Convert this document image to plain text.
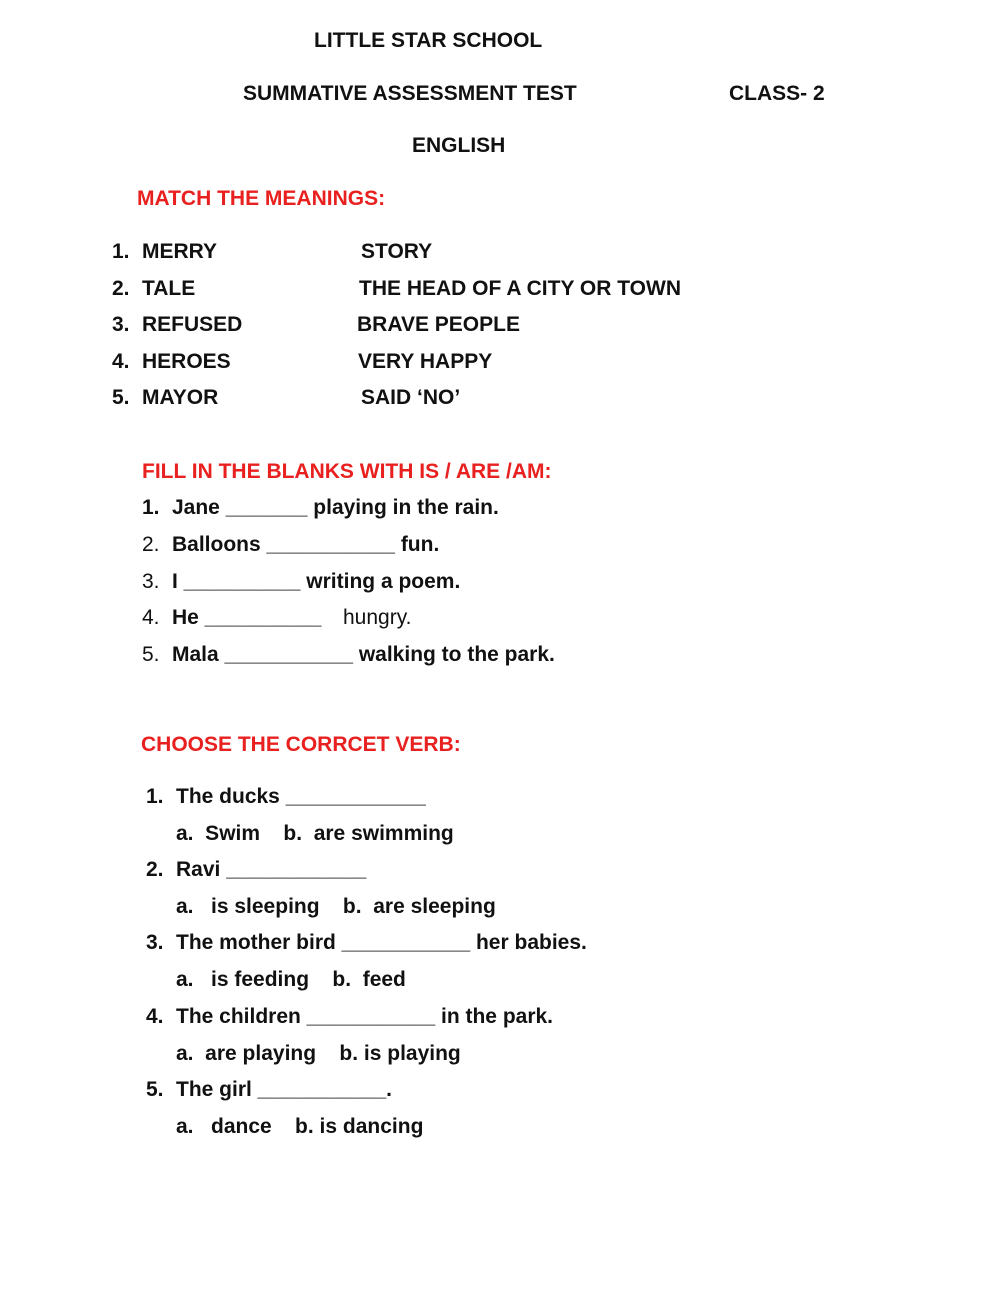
LITTLE STAR SCHOOL
SUMMATIVE ASSESSMENT TEST	CLASS- 2
ENGLISH
MATCH THE MEANINGS:
1. MERRY	STORY
2. TALE	THE HEAD OF A CITY OR TOWN
3. REFUSED	BRAVE PEOPLE
4. HEROES	VERY HAPPY
5. MAYOR	SAID ‘NO’
FILL IN THE BLANKS WITH IS / ARE /AM:
1. Jane _______ playing in the rain.
2. Balloons ___________ fun.
3. I __________ writing a poem.
4. He __________ hungry.
5. Mala ___________ walking to the park.
CHOOSE THE CORRCET VERB:
1. The ducks ____________
a.  Swim    b.  are swimming
2. Ravi ____________
a.   is sleeping    b.  are sleeping
3. The mother bird ___________ her babies.
a.   is feeding    b.  feed
4. The children ___________ in the park.
a.  are playing    b. is playing
5. The girl ___________.
a.   dance    b. is dancing
